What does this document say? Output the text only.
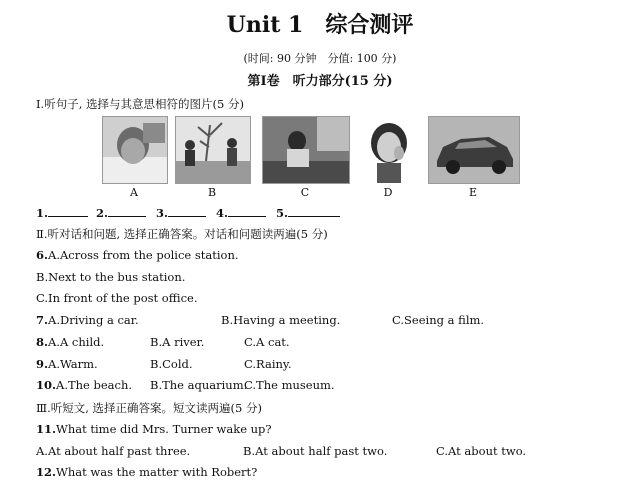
Unit 1　综合测评
(时间: 90 分钟　分值: 100 分)
第Ⅰ卷　听力部分(15 分)
Ⅰ.听句子, 选择与其意思相符的图片(5 分)
A	B	C	D	E
1.	2.	3.	4.	5.
Ⅱ.听对话和问题, 选择正确答案。对话和问题读两遍(5 分)
6.A.Across from the police station.
B.Next to the bus station.
C.In front of the post office.
7.A.Driving a car.	B.Having a meeting.	C.Seeing a film.
8.A.A child.	B.A river.	C.A cat.
9.A.Warm.	B.Cold.	C.Rainy.
10.A.The beach. B.The aquarium.
C.The museum.
Ⅲ.听短文, 选择正确答案。短文读两遍(5 分)
11.What time did Mrs. Turner wake up?
A.At about half past three.	B.At about half past two.	C.At about two.
12.What was the matter with Robert?
